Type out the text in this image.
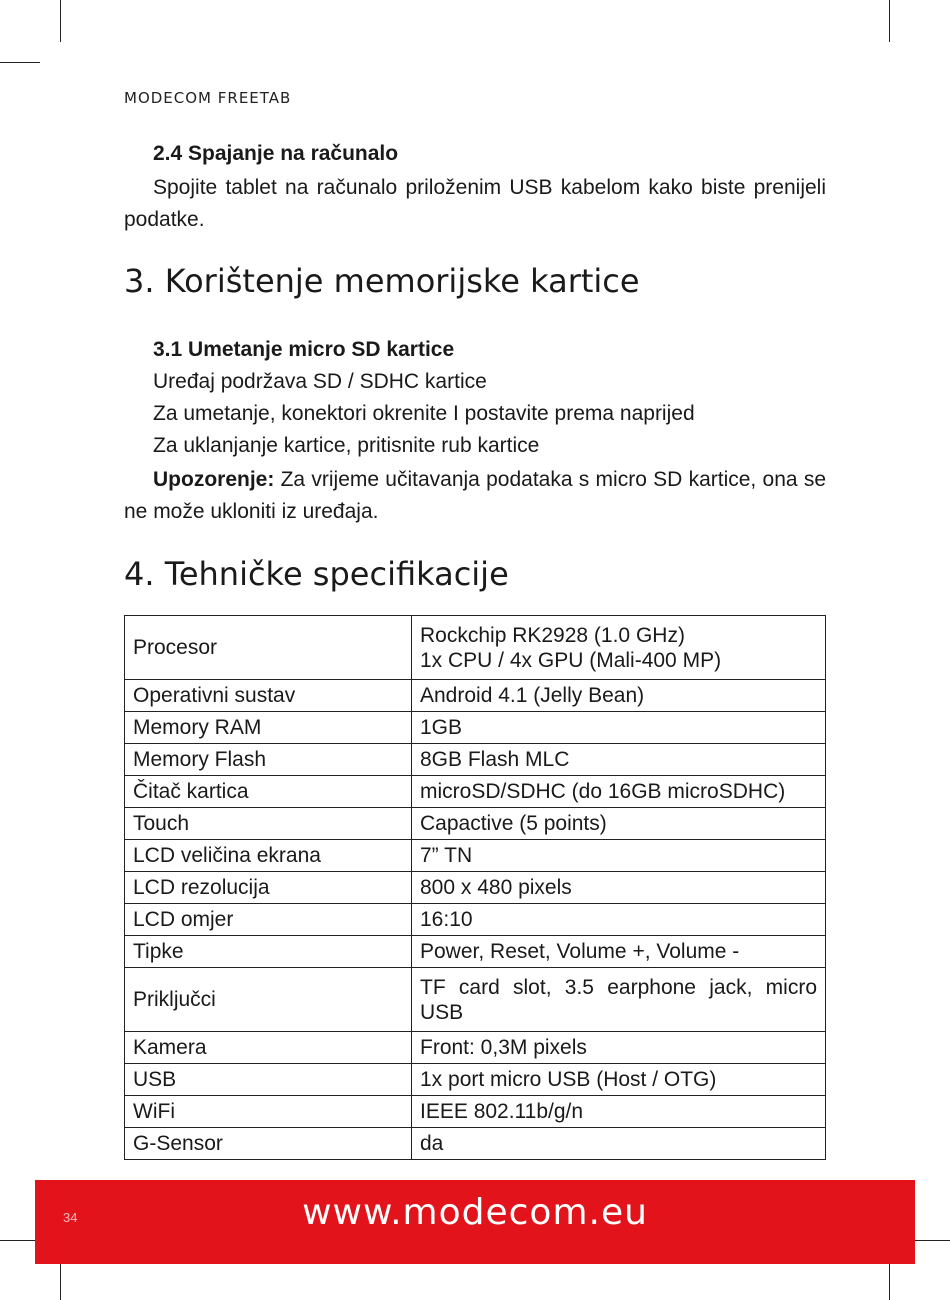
MODECOM FREETAB
2.4 Spajanje na računalo

Spojite tablet na računalo priloženim USB kabelom kako biste prenijeli podatke.

3. Korištenje memorijske kartice
3.1 Umetanje micro SD kartice

Uređaj podržava SD / SDHC kartice

Za umetanje, konektori okrenite I postavite prema naprijed

Za uklanjanje kartice, pritisnite rub kartice

Upozorenje: Za vrijeme učitavanja podataka s micro SD kartice, ona se ne može ukloniti iz uređaja.

4. Tehničke specifikacije
Procesor	Rockchip RK2928 (1.0 GHz)
1x CPU / 4x GPU (Mali-400 MP)

Operativni sustav	Android 4.1 (Jelly Bean)
Memory RAM	1GB
Memory Flash	8GB Flash MLC
Čitač kartica	microSD/SDHC (do 16GB microSDHC)
Touch	Capactive (5 points)
LCD veličina ekrana	7” TN
LCD rezolucija	800 x 480 pixels
LCD omjer	16:10
Tipke	Power, Reset, Volume +, Volume -
Priključci	TF card slot, 3.5 earphone jack, micro USB
Kamera	Front: 0,3M pixels
USB	1x port micro USB (Host / OTG)
WiFi	IEEE 802.11b/g/n
G-Sensor	da
34	www.modecom.eu
